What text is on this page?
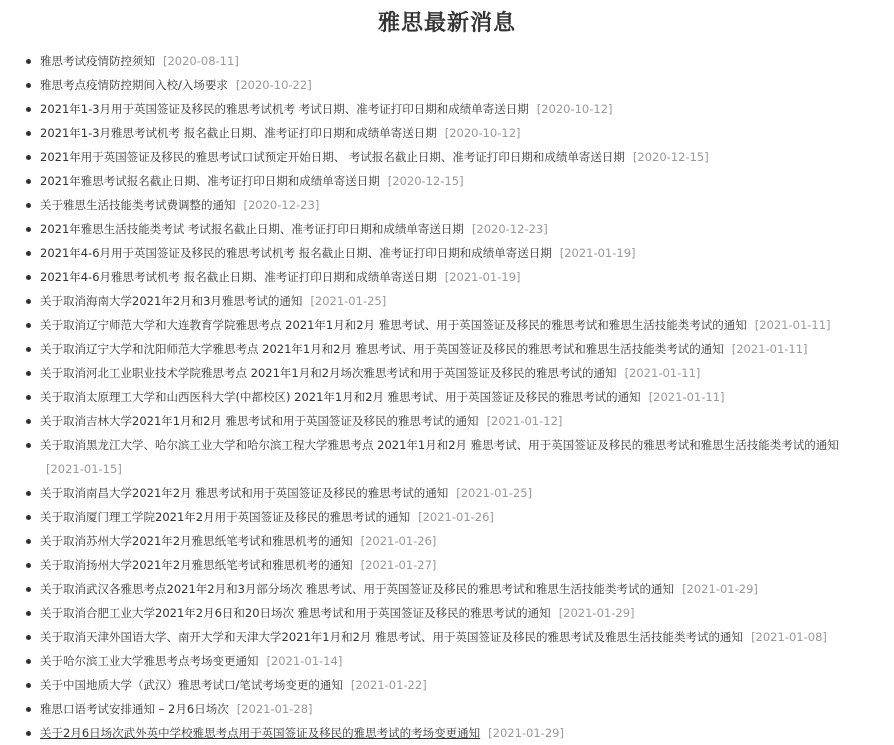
雅思最新消息
雅思考试疫情防控须知 [2020-08-11]
雅思考点疫情防控期间入校/入场要求 [2020-10-22]
2021年1-3月用于英国签证及移民的雅思考试机考 考试日期、准考证打印日期和成绩单寄送日期 [2020-10-12]
2021年1-3月雅思考试机考 报名截止日期、准考证打印日期和成绩单寄送日期 [2020-10-12]
2021年用于英国签证及移民的雅思考试口试预定开始日期、 考试报名截止日期、准考证打印日期和成绩单寄送日期 [2020-12-15]
2021年雅思考试报名截止日期、准考证打印日期和成绩单寄送日期 [2020-12-15]
关于雅思生活技能类考试费调整的通知 [2020-12-23]
2021年雅思生活技能类考试 考试报名截止日期、准考证打印日期和成绩单寄送日期 [2020-12-23]
2021年4-6月用于英国签证及移民的雅思考试机考 报名截止日期、准考证打印日期和成绩单寄送日期 [2021-01-19]
2021年4-6月雅思考试机考 报名截止日期、准考证打印日期和成绩单寄送日期 [2021-01-19]
关于取消海南大学2021年2月和3月雅思考试的通知 [2021-01-25]
关于取消辽宁师范大学和大连教育学院雅思考点 2021年1月和2月 雅思考试、用于英国签证及移民的雅思考试和雅思生活技能类考试的通知 [2021-01-11]
关于取消辽宁大学和沈阳师范大学雅思考点 2021年1月和2月 雅思考试、用于英国签证及移民的雅思考试和雅思生活技能类考试的通知 [2021-01-11]
关于取消河北工业职业技术学院雅思考点 2021年1月和2月场次雅思考试和用于英国签证及移民的雅思考试的通知 [2021-01-11]
关于取消太原理工大学和山西医科大学(中都校区) 2021年1月和2月 雅思考试、用于英国签证及移民的雅思考试的通知 [2021-01-11]
关于取消吉林大学2021年1月和2月 雅思考试和用于英国签证及移民的雅思考试的通知 [2021-01-12]
关于取消黑龙江大学、哈尔滨工业大学和哈尔滨工程大学雅思考点 2021年1月和2月 雅思考试、用于英国签证及移民的雅思考试和雅思生活技能类考试的通知
[2021-01-15]
关于取消南昌大学2021年2月 雅思考试和用于英国签证及移民的雅思考试的通知 [2021-01-25]
关于取消厦门理工学院2021年2月用于英国签证及移民的雅思考试的通知 [2021-01-26]
关于取消苏州大学2021年2月雅思纸笔考试和雅思机考的通知 [2021-01-26]
关于取消扬州大学2021年2月雅思纸笔考试和雅思机考的通知 [2021-01-27]
关于取消武汉各雅思考点2021年2月和3月部分场次 雅思考试、用于英国签证及移民的雅思考试和雅思生活技能类考试的通知 [2021-01-29]
关于取消合肥工业大学2021年2月6日和20日场次 雅思考试和用于英国签证及移民的雅思考试的通知 [2021-01-29]
关于取消天津外国语大学、南开大学和天津大学2021年1月和2月 雅思考试、用于英国签证及移民的雅思考试及雅思生活技能类考试的通知 [2021-01-08]
关于哈尔滨工业大学雅思考点考场变更通知 [2021-01-14]
关于中国地质大学（武汉）雅思考试口/笔试考场变更的通知 [2021-01-22]
雅思口语考试安排通知 – 2月6日场次 [2021-01-28]
关于2月6日场次武外英中学校雅思考点用于英国签证及移民的雅思考试的考场变更通知 [2021-01-29]
